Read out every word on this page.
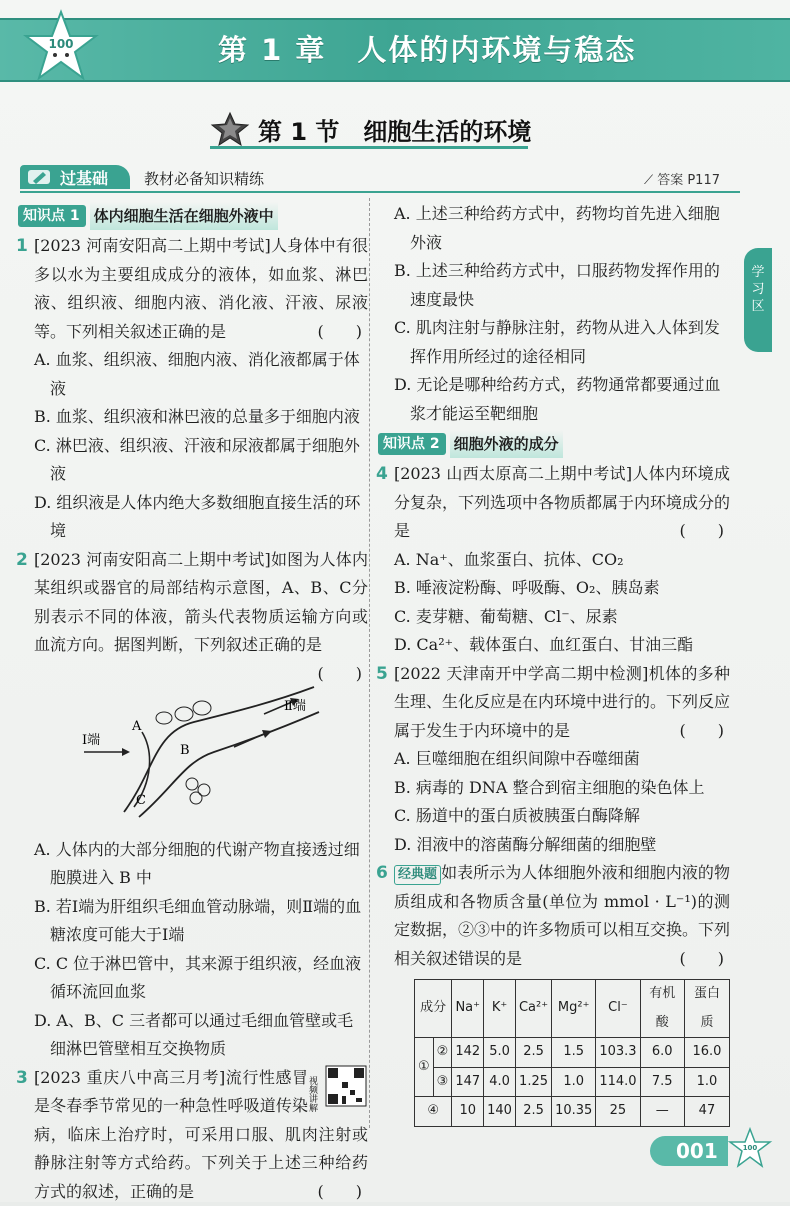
100	第 1 章　人体的内环境与稳态
第 1 节　细胞生活的环境
过基础 教材必备知识精练	⟋ 答案 P117
知识点 1 体内细胞生活在细胞外液中
1 [2023 河南安阳高二上期中考试]人身体中有很多以水为主要组成成分的液体，如血浆、淋巴液、组织液、细胞内液、消化液、汗液、尿液等。下列相关叙述正确的是	(　　)

A. 血浆、组织液、细胞内液、消化液都属于体液

B. 血浆、组织液和淋巴液的总量多于细胞内液

C. 淋巴液、组织液、汗液和尿液都属于细胞外液

D. 组织液是人体内绝大多数细胞直接生活的环境

2 [2023 河南安阳高二上期中考试]如图为人体内某组织或器官的局部结构示意图，A、B、C分别表示不同的体液，箭头代表物质运输方向或血流方向。据图判断，下列叙述正确的是
(　　)

A
B
C
Ⅰ端
Ⅱ端

A. 人体内的大部分细胞的代谢产物直接透过细胞膜进入 B 中

B. 若Ⅰ端为肝组织毛细血管动脉端，则Ⅱ端的血糖浓度可能大于Ⅰ端

C. C 位于淋巴管中，其来源于组织液，经血液循环流回血浆

D. A、B、C 三者都可以通过毛细血管壁或毛细淋巴管壁相互交换物质

3	视频讲解

[2023 重庆八中高三月考]流行性感冒是冬春季节常见的一种急性呼吸道传染病，临床上治疗时，可采用口服、肌肉注射或静脉注射等方式给药。下列关于上述三种给药方式的叙述，正确的是	(　　)

A. 上述三种给药方式中，药物均首先进入细胞外液

B. 上述三种给药方式中，口服药物发挥作用的速度最快

C. 肌肉注射与静脉注射，药物从进入人体到发挥作用所经过的途径相同

D. 无论是哪种给药方式，药物通常都要通过血浆才能运至靶细胞

知识点 2 细胞外液的成分
4 [2023 山西太原高二上期中考试]人体内环境成分复杂，下列选项中各物质都属于内环境成分的是	(　　)

A. Na⁺、血浆蛋白、抗体、CO₂

B. 唾液淀粉酶、呼吸酶、O₂、胰岛素

C. 麦芽糖、葡萄糖、Cl⁻、尿素

D. Ca²⁺、载体蛋白、血红蛋白、甘油三酯

5 [2022 天津南开中学高二期中检测]机体的多种生理、生化反应是在内环境中进行的。下列反应属于发生于内环境中的是	(　　)

A. 巨噬细胞在组织间隙中吞噬细菌

B. 病毒的 DNA 整合到宿主细胞的染色体上

C. 肠道中的蛋白质被胰蛋白酶降解

D. 泪液中的溶菌酶分解细菌的细胞壁

6 经典题 如表所示为人体细胞外液和细胞内液的物质组成和各物质含量(单位为 mmol · L⁻¹)的测定数据，②③中的许多物质可以相互交换。下列相关叙述错误的是	(　　)

成分		Na⁺	K⁺	Ca²⁺	Mg²⁺	Cl⁻	有机酸	蛋白质
①	②	142	5.0	2.5	1.5	103.3	6.0	16.0
	③	147	4.0	1.25	1.0	114.0	7.5	1.0
④		10	140	2.5	10.35	25	—	47
学习区
001	100
